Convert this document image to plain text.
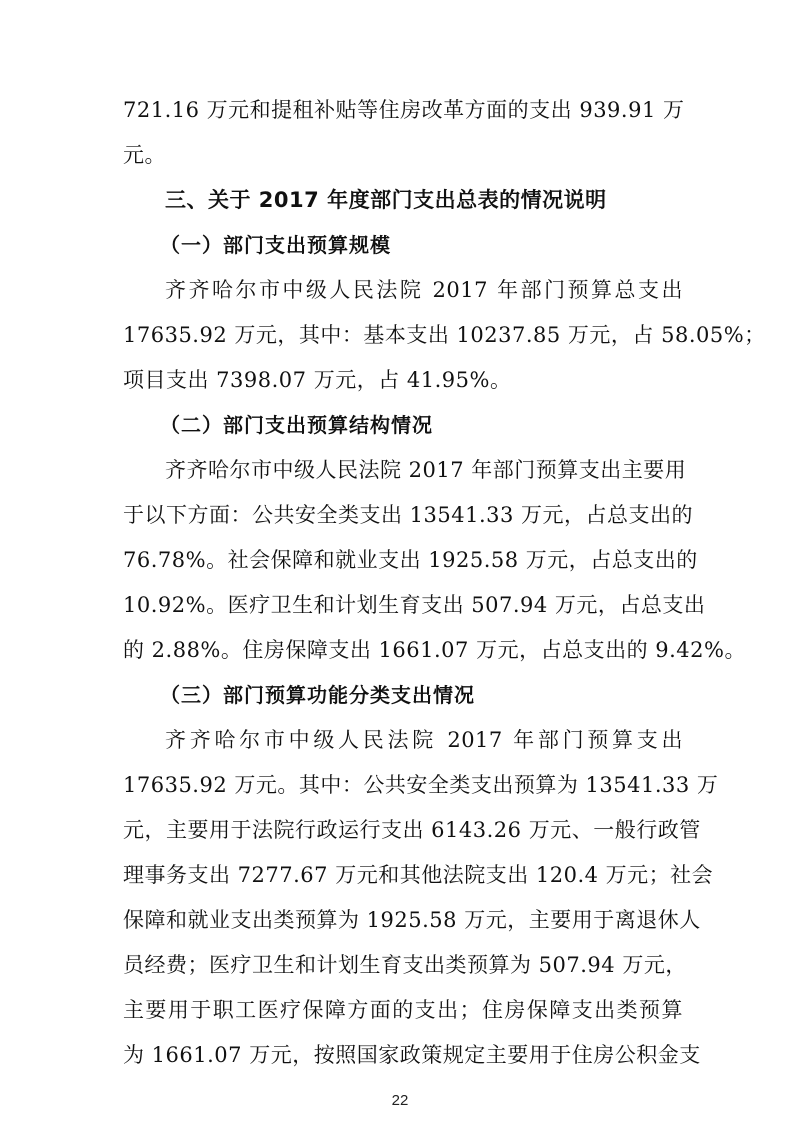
721.16 万元和提租补贴等住房改革方面的支出 939.91 万
元。
三、关于 2017 年度部门支出总表的情况说明
（一）部门支出预算规模
齐齐哈尔市中级人民法院 2017 年部门预算总支出
17635.92 万元，其中：基本支出 10237.85 万元，占 58.05%；
项目支出 7398.07 万元，占 41.95%。
（二）部门支出预算结构情况
齐齐哈尔市中级人民法院 2017 年部门预算支出主要用
于以下方面：公共安全类支出 13541.33 万元，占总支出的
76.78%。社会保障和就业支出 1925.58 万元，占总支出的
10.92%。医疗卫生和计划生育支出 507.94 万元，占总支出
的 2.88%。住房保障支出 1661.07 万元，占总支出的 9.42%。
（三）部门预算功能分类支出情况
齐齐哈尔市中级人民法院 2017 年部门预算支出
17635.92 万元。其中：公共安全类支出预算为 13541.33 万
元，主要用于法院行政运行支出 6143.26 万元、一般行政管
理事务支出 7277.67 万元和其他法院支出 120.4 万元；社会
保障和就业支出类预算为 1925.58 万元，主要用于离退休人
员经费；医疗卫生和计划生育支出类预算为 507.94 万元，
主要用于职工医疗保障方面的支出；住房保障支出类预算
为 1661.07 万元，按照国家政策规定主要用于住房公积金支
22
